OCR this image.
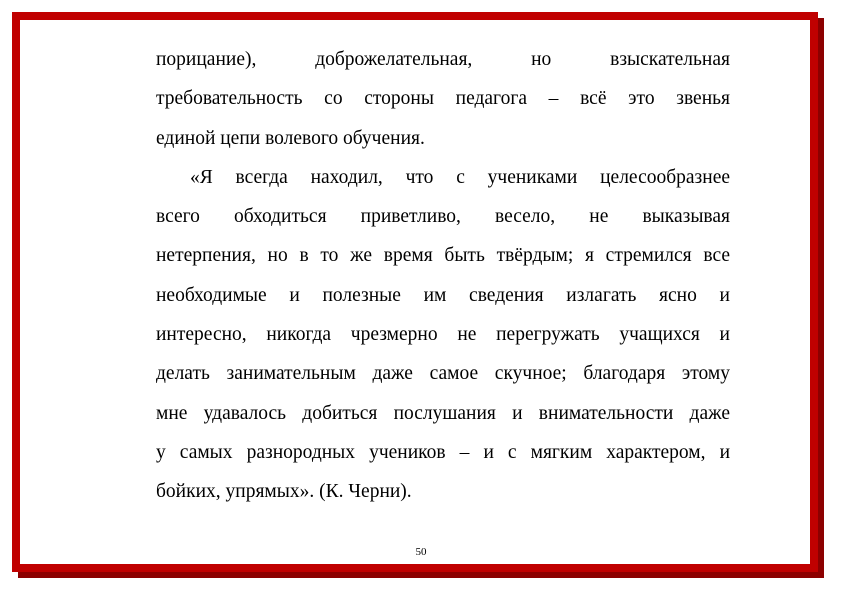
порицание), доброжелательная, но взыскательная
требовательность со стороны педагога – всё это звенья
единой цепи волевого обучения.
«Я всегда находил, что с учениками целесообразнее
всего обходиться приветливо, весело, не выказывая
нетерпения, но в то же время быть твёрдым; я стремился все
необходимые и полезные им сведения излагать ясно и
интересно, никогда чрезмерно не перегружать учащихся и
делать занимательным даже самое скучное; благодаря этому
мне удавалось добиться послушания и внимательности даже
у самых разнородных учеников – и с мягким характером, и
бойких, упрямых». (К. Черни).
50
